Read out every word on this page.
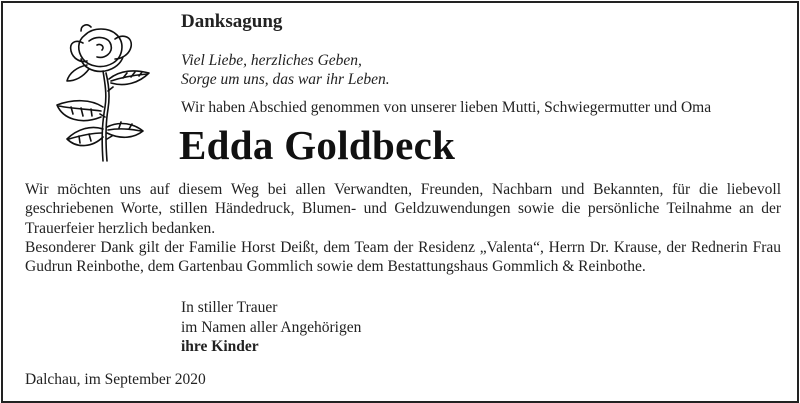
Danksagung
Viel Liebe, herzliches Geben,
Sorge um uns, das war ihr Leben.
Wir haben Abschied genommen von unserer lieben Mutti, Schwiegermutter und Oma
Edda Goldbeck

Wir möchten uns auf diesem Weg bei allen Verwandten, Freunden, Nachbarn und Bekannten, für die liebevoll geschriebenen Worte, stillen Händedruck, Blumen- und Geldzuwendungen sowie die persönliche Teilnahme an der Trauerfeier herzlich bedanken.

Besonderer Dank gilt der Familie Horst Deißt, dem Team der Residenz „Valenta“, Herrn Dr. Krause, der Rednerin Frau Gudrun Reinbothe, dem Gartenbau Gommlich sowie dem Bestattungshaus Gommlich & Reinbothe.

In stiller Trauer
im Namen aller Angehörigen
ihre Kinder
Dalchau, im September 2020
